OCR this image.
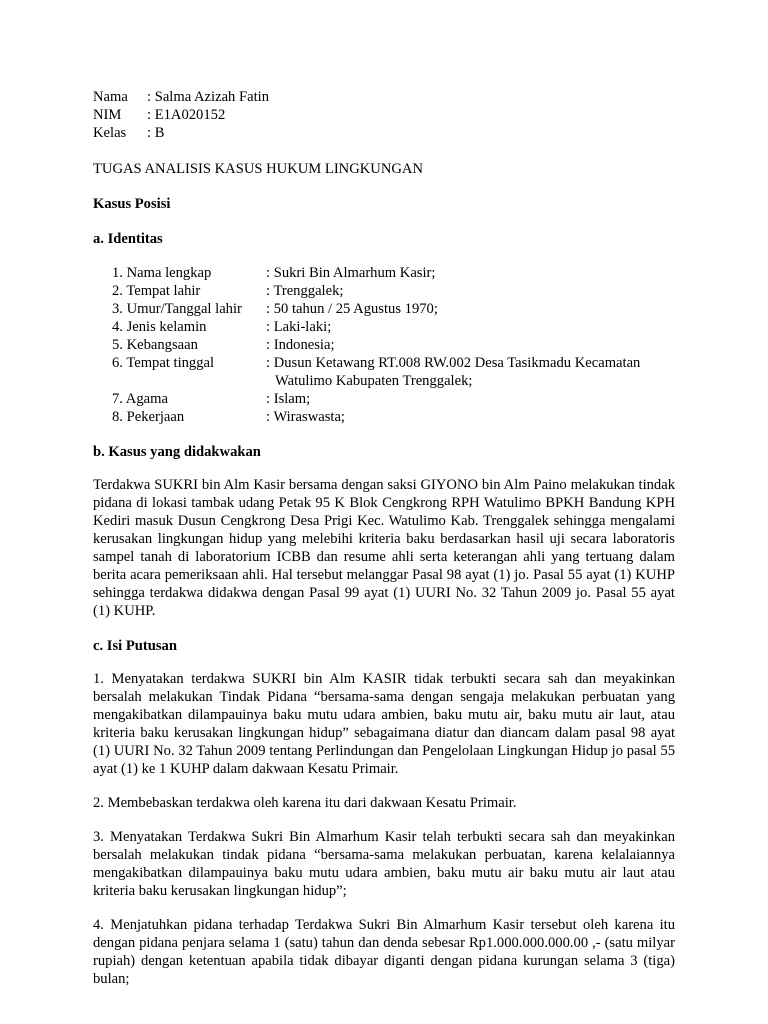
Nama	: Salma Azizah Fatin
NIM	: E1A020152
Kelas	: B
TUGAS ANALISIS KASUS HUKUM LINGKUNGAN
Kasus Posisi
a. Identitas
1. Nama lengkap	: Sukri Bin Almarhum Kasir;
2. Tempat lahir	: Trenggalek;
3. Umur/Tanggal lahir	: 50 tahun / 25 Agustus 1970;
4. Jenis kelamin	: Laki-laki;
5. Kebangsaan	: Indonesia;
6. Tempat tinggal	: Dusun Ketawang RT.008 RW.002 Desa Tasikmadu Kecamatan
Watulimo Kabupaten Trenggalek;
7. Agama	: Islam;
8. Pekerjaan	: Wiraswasta;
b. Kasus yang didakwakan
Terdakwa SUKRI bin Alm Kasir bersama dengan saksi GIYONO bin Alm Paino melakukan tindak pidana di lokasi tambak udang Petak 95 K Blok Cengkrong RPH Watulimo BPKH Bandung KPH Kediri masuk Dusun Cengkrong Desa Prigi Kec. Watulimo Kab. Trenggalek sehingga mengalami kerusakan lingkungan hidup yang melebihi kriteria baku berdasarkan hasil uji secara laboratoris sampel tanah di laboratorium ICBB dan resume ahli serta keterangan ahli yang tertuang dalam berita acara pemeriksaan ahli. Hal tersebut melanggar Pasal 98 ayat (1) jo. Pasal 55 ayat (1) KUHP sehingga terdakwa didakwa dengan Pasal 99 ayat (1) UURI No. 32 Tahun 2009 jo. Pasal 55 ayat (1) KUHP.
c. Isi Putusan
1. Menyatakan terdakwa SUKRI bin Alm KASIR tidak terbukti secara sah dan meyakinkan bersalah melakukan Tindak Pidana “bersama-sama dengan sengaja melakukan perbuatan yang mengakibatkan dilampauinya baku mutu udara ambien, baku mutu air, baku mutu air laut, atau kriteria baku kerusakan lingkungan hidup” sebagaimana diatur dan diancam dalam pasal 98 ayat (1) UURI No. 32 Tahun 2009 tentang Perlindungan dan Pengelolaan Lingkungan Hidup jo pasal 55 ayat (1) ke 1 KUHP dalam dakwaan Kesatu Primair.
2. Membebaskan terdakwa oleh karena itu dari dakwaan Kesatu Primair.
3. Menyatakan Terdakwa Sukri Bin Almarhum Kasir telah terbukti secara sah dan meyakinkan bersalah melakukan tindak pidana “bersama-sama melakukan perbuatan, karena kelalaiannya mengakibatkan dilampauinya baku mutu udara ambien, baku mutu air baku mutu air laut atau kriteria baku kerusakan lingkungan hidup”;
4. Menjatuhkan pidana terhadap Terdakwa Sukri Bin Almarhum Kasir tersebut oleh karena itu dengan pidana penjara selama 1 (satu) tahun dan denda sebesar Rp1.000.000.000.00 ,- (satu milyar rupiah) dengan ketentuan apabila tidak dibayar diganti dengan pidana kurungan selama 3 (tiga) bulan;
